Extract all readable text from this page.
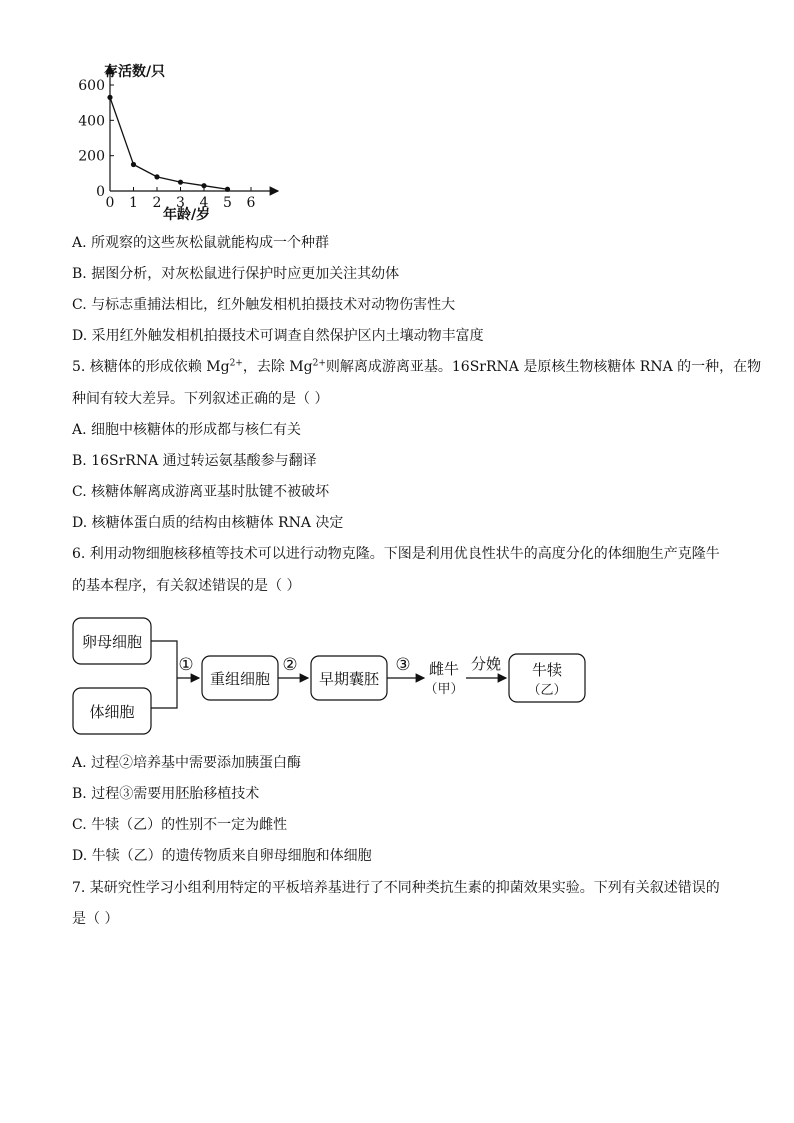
存活数/只
年龄/岁
0
200
400
600
0 1 2 3 4 5 6
A. 所观察的这些灰松鼠就能构成一个种群
B. 据图分析，对灰松鼠进行保护时应更加关注其幼体
C. 与标志重捕法相比，红外触发相机拍摄技术对动物伤害性大
D. 采用红外触发相机拍摄技术可调查自然保护区内土壤动物丰富度
5. 核糖体的形成依赖 $Mg^{2+}$，去除 $Mg^{2+}$则解离成游离亚基。16SrRNA 是原核生物核糖体 RNA 的一种，在物
种间有较大差异。下列叙述正确的是（ ）
A. 细胞中核糖体的形成都与核仁有关
B. 16SrRNA 通过转运氨基酸参与翻译
C. 核糖体解离成游离亚基时肽键不被破坏
D. 核糖体蛋白质的结构由核糖体 RNA 决定
6. 利用动物细胞核移植等技术可以进行动物克隆。下图是利用优良性状牛的高度分化的体细胞生产克隆牛
的基本程序，有关叙述错误的是（ ）
卵母细胞
体细胞
①
重组细胞
②
早期囊胚
③ 雌牛
（甲）
分娩 牛犊
（乙）
A. 过程②培养基中需要添加胰蛋白酶
B. 过程③需要用胚胎移植技术
C. 牛犊（乙）的性别不一定为雌性
D. 牛犊（乙）的遗传物质来自卵母细胞和体细胞
7. 某研究性学习小组利用特定的平板培养基进行了不同种类抗生素的抑菌效果实验。下列有关叙述错误的
是（ ）
